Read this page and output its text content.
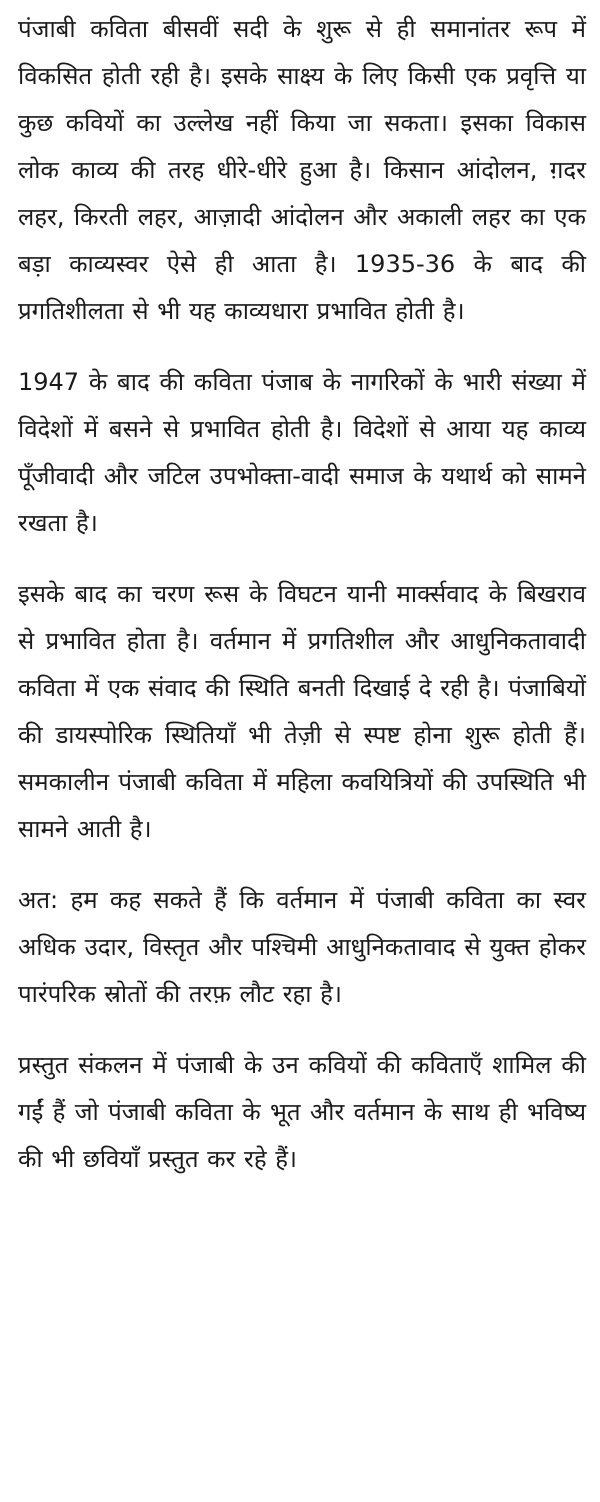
पंजाबी कविता बीसवीं सदी के शुरू से ही समानांतर रूप में विकसित होती रही है। इसके साक्ष्य के लिए किसी एक प्रवृत्ति या कुछ कवियों का उल्लेख नहीं किया जा सकता। इसका विकास लोक काव्य की तरह धीरे-धीरे हुआ है। किसान आंदोलन, ग़दर लहर, किरती लहर, आज़ादी आंदोलन और अकाली लहर का एक बड़ा काव्यस्वर ऐसे ही आता है। 1935-36 के बाद की प्रगतिशीलता से भी यह काव्यधारा प्रभावित होती है।

1947 के बाद की कविता पंजाब के नागरिकों के भारी संख्या में विदेशों में बसने से प्रभावित होती है। विदेशों से आया यह काव्य पूँजीवादी और जटिल उपभोक्ता-वादी समाज के यथार्थ को सामने रखता है।

इसके बाद का चरण रूस के विघटन यानी मार्क्सवाद के बिखराव से प्रभावित होता है। वर्तमान में प्रगतिशील और आधुनिकतावादी कविता में एक संवाद की स्थिति बनती दिखाई दे रही है। पंजाबियों की डायस्पोरिक स्थितियाँ भी तेज़ी से स्पष्ट होना शुरू होती हैं। समकालीन पंजाबी कविता में महिला कवयित्रियों की उपस्थिति भी सामने आती है।

अत: हम कह सकते हैं कि वर्तमान में पंजाबी कविता का स्वर अधिक उदार, विस्तृत और पश्चिमी आधुनिकतावाद से युक्त होकर पारंपरिक स्रोतों की तरफ़ लौट रहा है।

प्रस्तुत संकलन में पंजाबी के उन कवियों की कविताएँ शामिल की गईं हैं जो पंजाबी कविता के भूत और वर्तमान के साथ ही भविष्य की भी छवियाँ प्रस्तुत कर रहे हैं।
